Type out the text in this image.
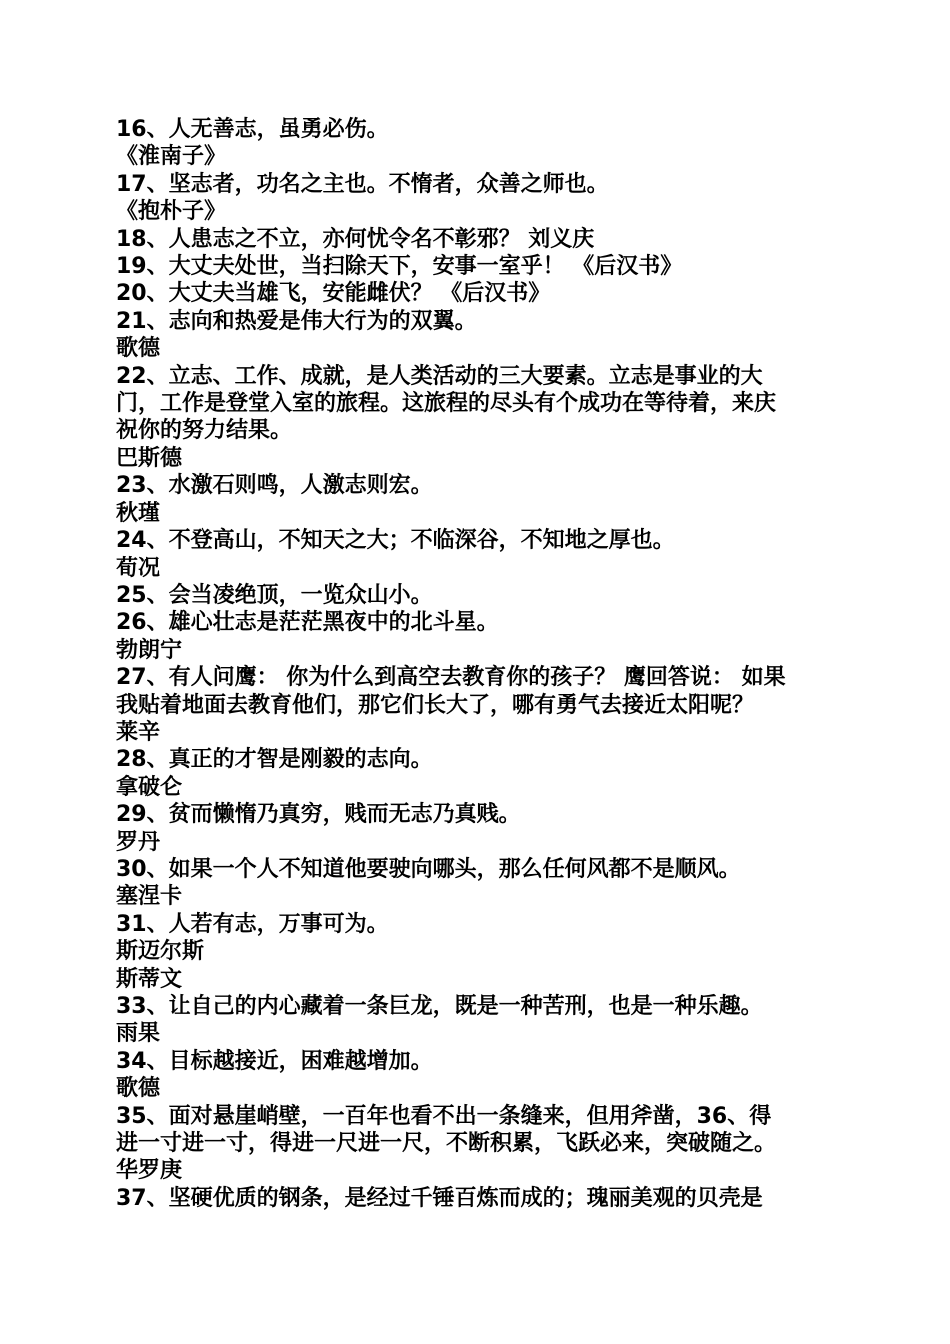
16、人无善志，虽勇必伤。
《淮南子》
17、坚志者，功名之主也。不惰者，众善之师也。
《抱朴子》
18、人患志之不立，亦何忧令名不彰邪？ 刘义庆
19、大丈夫处世，当扫除天下，安事一室乎！ 《后汉书》
20、大丈夫当雄飞，安能雌伏？ 《后汉书》
21、志向和热爱是伟大行为的双翼。
歌德
22、立志、工作、成就，是人类活动的三大要素。立志是事业的大
门，工作是登堂入室的旅程。这旅程的尽头有个成功在等待着，来庆
祝你的努力结果。
巴斯德
23、水激石则鸣，人激志则宏。
秋瑾
24、不登高山，不知天之大；不临深谷，不知地之厚也。
荀况
25、会当凌绝顶，一览众山小。
26、雄心壮志是茫茫黑夜中的北斗星。
勃朗宁
27、有人问鹰： 你为什么到高空去教育你的孩子？ 鹰回答说： 如果
我贴着地面去教育他们，那它们长大了，哪有勇气去接近太阳呢？
莱辛
28、真正的才智是刚毅的志向。
拿破仑
29、贫而懒惰乃真穷，贱而无志乃真贱。
罗丹
30、如果一个人不知道他要驶向哪头，那么任何风都不是顺风。
塞涅卡
31、人若有志，万事可为。
斯迈尔斯
斯蒂文
33、让自己的内心藏着一条巨龙，既是一种苦刑，也是一种乐趣。
雨果
34、目标越接近，困难越增加。
歌德
35、面对悬崖峭壁，一百年也看不出一条缝来，但用斧凿，36、得
进一寸进一寸，得进一尺进一尺，不断积累，飞跃必来，突破随之。
华罗庚
37、坚硬优质的钢条，是经过千锤百炼而成的；瑰丽美观的贝壳是
